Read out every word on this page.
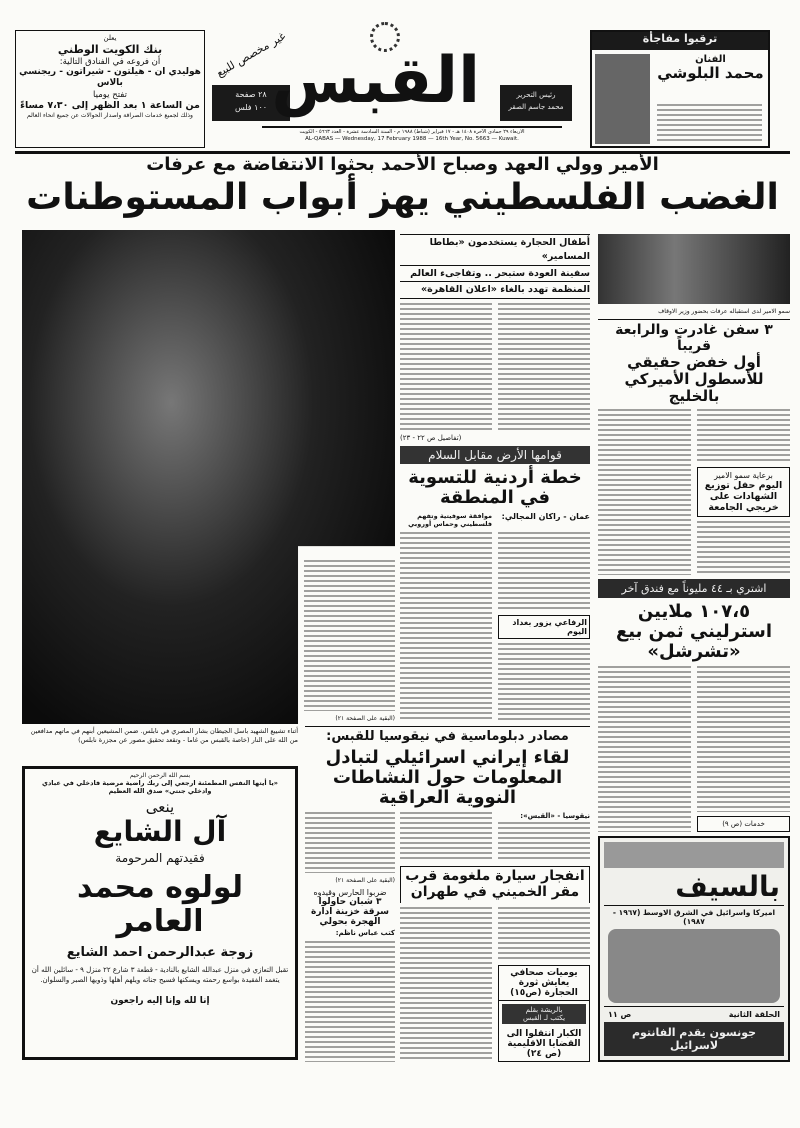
يعلن
بنك الكويت الوطني
أن فروعه في الفنادق التالية:
هوليدي ان - هيلتون - شيراتون - ريجنسي بالاس
تفتح يوميا
من الساعة ١ بعد الظهر إلى ٧،٣٠ مساءً
وذلك لجميع خدمات الصرافة واصدار الحوالات عن جميع انحاء العالم
غير مخصص للبيع
٢٨ صفحة
١٠٠ فلس القبس	رئيس التحرير
محمد جاسم الصقر
الاربعاء ٢٩ جمادى الآخرة ١٤٠٨ هـ - ١٧ فبراير (شباط) ١٩٨٨ م - السنة السادسة عشرة - العدد ٥٦٦٣ - الكويت
AL-QABAS — Wednesday, 17 February 1988 — 16th Year, No. 5663 — Kuwait.
ترقبوا مفاجأة
الفنان
محمد البلوشي
الأمير وولي العهد وصباح الأحمد بحثوا الانتفاضة مع عرفات
الغضب الفلسطيني يهز أبواب المستوطنات
أثناء تشييع الشهيد باسل الجيطان بشار المصري في نابلس. ضمن المشيعين أبنهم في ماتهم مدافعين من الله على النار (خاصة بالقبس من غاما - وتقعد تحقيق مصور عن مجزرة نابلس)
أطفال الحجارة يستخدمون «بطاطا المسامير»
سفينة العودة ستبحر .. وتفاجىء العالم
المنظمة تهدد بالغاء «اعلان القاهرة»
(تفاصيل ص ٢٢ - ٢٣)
قوامها الأرض مقابل السلام
خطة أردنية للتسوية في المنطقة
عمان - راكان المجالي:
موافقة سوفيتية وتفهم فلسطيني وحماس أوروبي
الرفاعي يزور بغداد اليوم
(البقية على الصفحة ٢١)
سمو الامير لدى استقباله عرفات بحضور وزير الاوقاف
٣ سفن غادرت والرابعة قريباً
أول خفض حقيقي للأسطول الأميركي بالخليج
برعاية سمو الامير
اليوم حفل توزيع الشهادات على خريجي الجامعة
اشتري بـ ٤٤ مليوناً مع فندق آخر
١٠٧،٥ ملايين استرليني ثمن بيع «تشرشل»
خدمات (ص ٩)
بالسيف
اميركا واسرائيل في الشرق الاوسط (١٩٦٧ - ١٩٨٧)
الحلقة الثانية
ص ١١
جونسون يقدم الفانتوم لاسرائيل
مصادر دبلوماسية في نيقوسيا للقبس:
لقاء إيراني اسرائيلي لتبادل المعلومات حول النشاطات النووية العراقية
نيقوسيا - «القبس»:
انفجار سيارة ملغومة قرب مقر الخميني في طهران
يوميات صحافي يعايش ثورة الحجارة (ص١٥)
بالريشة بقلم
يكتب لـ القبس
الكبار انتقلوا الى القضايا الاقليمية (ص ٢٤)
(البقية على الصفحة ٢١)
ضربوا الحارس وقيدوه
٣ شبان حاولوا سرقة خزينة ادارة الهجرة بحولي
كتب عباس ناظم:
بسم الله الرحمن الرحيم
«يا أيتها النفس المطمئنة ارجعي إلى ربك راضية مرضية فادخلي في عبادي وادخلي جنتي» صدق الله العظيم
ينعى
آل الشايع
فقيدتهم المرحومة
لولوه محمد العامر
زوجة عبدالرحمن احمد الشايع
تقبل التعازي في منزل عبدالله الشايع بالنادية - قطعة ٣ شارع ٢٢ منزل ٩ - سائلين الله أن يتغمد الفقيدة بواسع رحمته ويسكنها فسيح جناته ويلهم أهلها وذويها الصبر والسلوان.
إنا لله وإنا إليه راجعون
